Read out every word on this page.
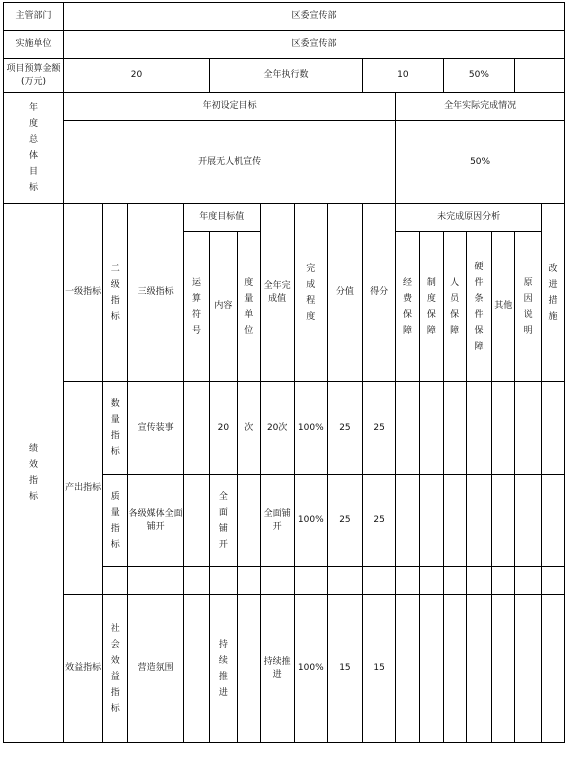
主管部门	区委宣传部																
实施单位	区委宣传部																
项目预算金额 (万元)	20				全年执行数					10			50%				
年度总体目标	年初设定目标										全年实际完成情况						
	开展无人机宣传										50%						
绩效指标	一级指标	二级指标	三级指标	年度目标值			全年完成值	完成程度	分值	得分	未完成原因分析						改进措施
				运算符号	内容	度量单位					经费保障	制度保障	人员保障	硬件条件保障	其他	原因说明	
	产出指标	数量指标	宣传装事		20	次	20次	100%	25	25							
		质量指标	各级媒体全面铺开		全面铺开		全面铺开	100%	25	25							

	效益指标	社会效益指标	营造氛围		持续推进		持续推进	100%	15	15							
